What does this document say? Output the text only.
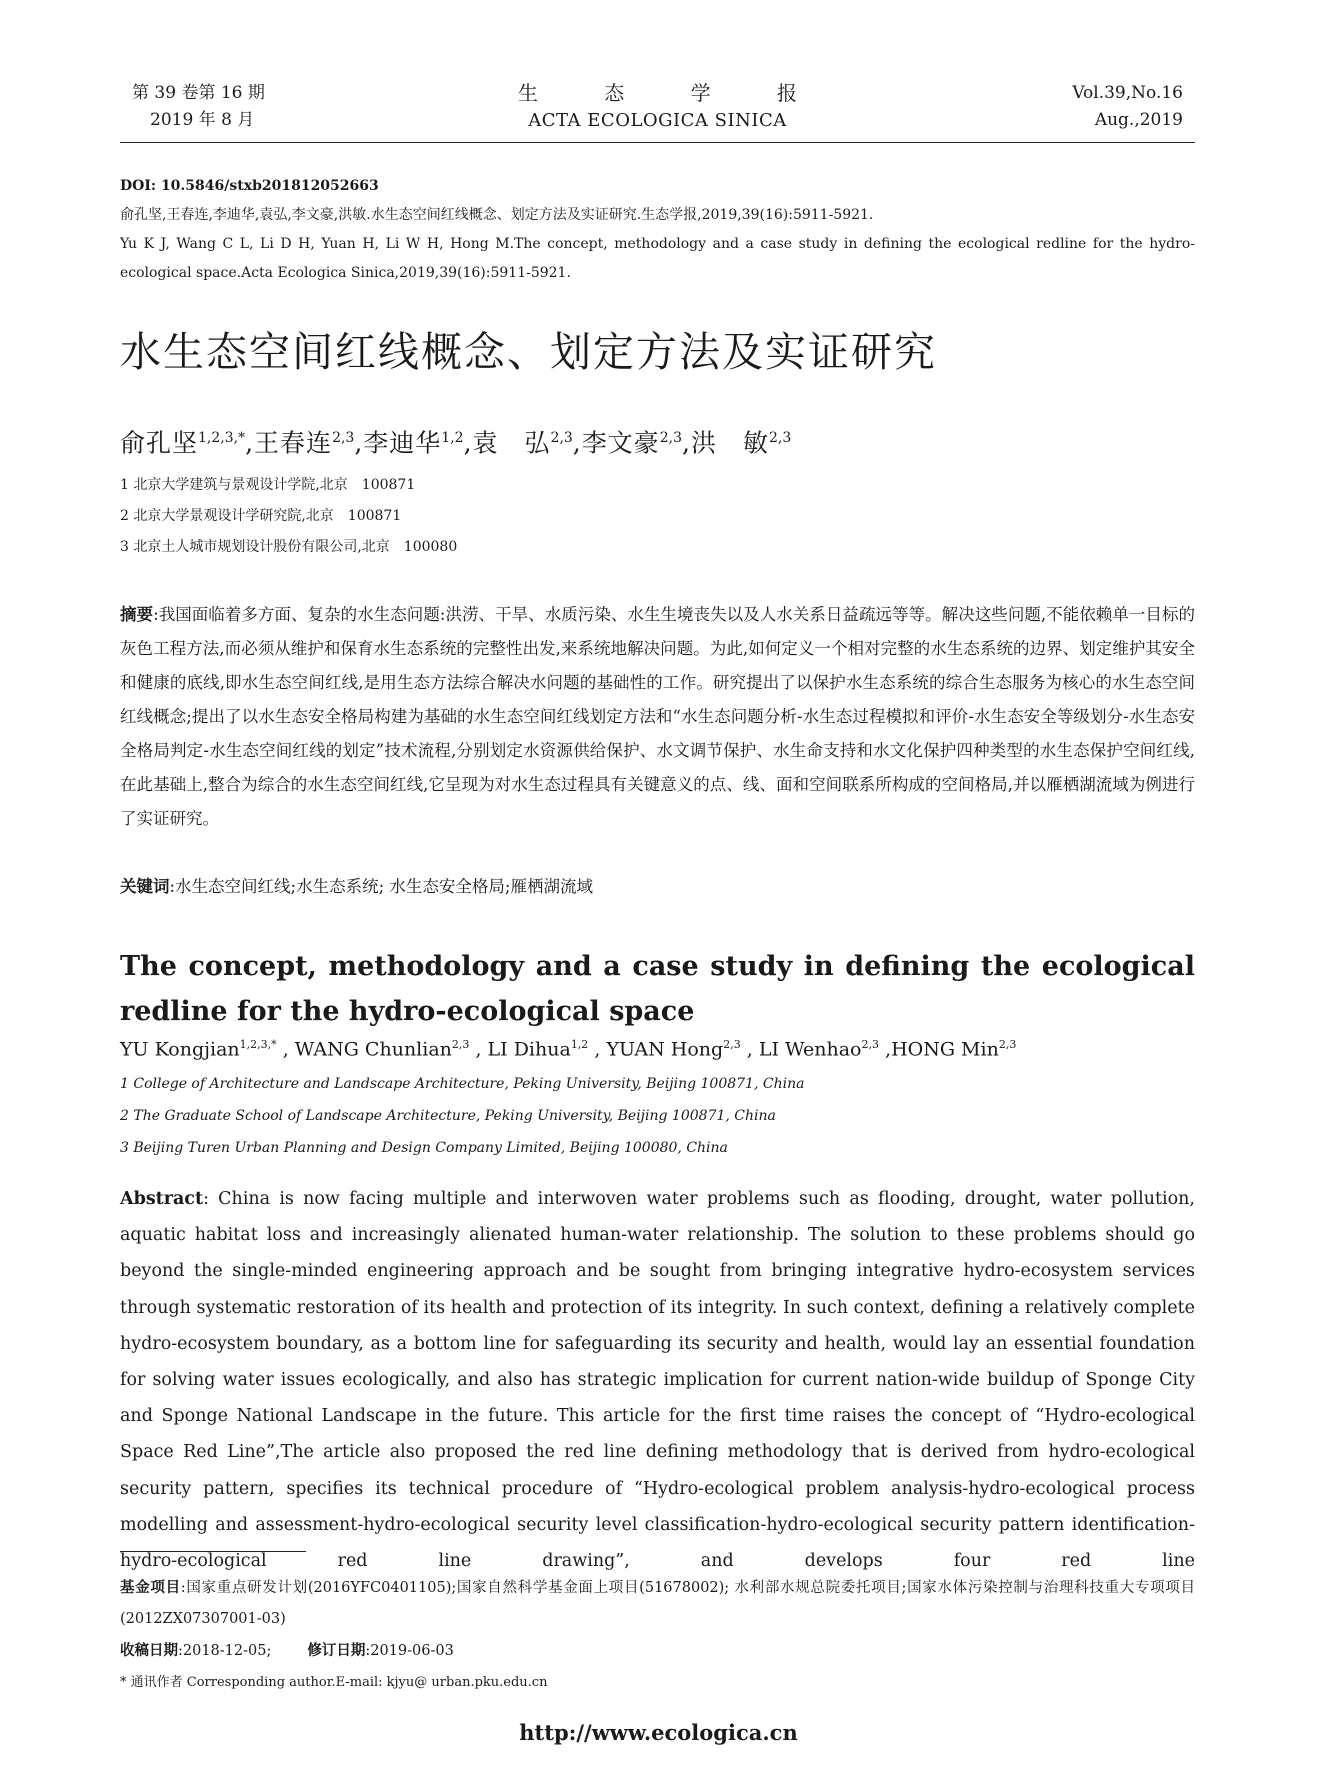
第 39 卷第 16 期
2019 年 8 月
生 态 学 报
ACTA ECOLOGICA SINICA
Vol.39,No.16
Aug.,2019

DOI: 10.5846/stxb201812052663

俞孔坚,王春连,李迪华,袁弘,李文豪,洪敏.水生态空间红线概念、划定方法及实证研究.生态学报,2019,39(16):5911-5921.

Yu K J, Wang C L, Li D H, Yuan H, Li W H, Hong M.The concept, methodology and a case study in defining the ecological redline for the hydro-ecological space.Acta Ecologica Sinica,2019,39(16):5911-5921.

水生态空间红线概念、划定方法及实证研究
俞孔坚$^{1,2,3,*}$,王春连$^{2,3}$,李迪华$^{1,2}$,袁　弘$^{2,3}$,李文豪$^{2,3}$,洪　敏$^{2,3}$
1 北京大学建筑与景观设计学院,北京　100871
2 北京大学景观设计学研究院,北京　100871
3 北京土人城市规划设计股份有限公司,北京　100080
摘要:我国面临着多方面、复杂的水生态问题:洪涝、干旱、水质污染、水生生境丧失以及人水关系日益疏远等等。解决这些问题,不能依赖单一目标的灰色工程方法,而必须从维护和保育水生态系统的完整性出发,来系统地解决问题。为此,如何定义一个相对完整的水生态系统的边界、划定维护其安全和健康的底线,即水生态空间红线,是用生态方法综合解决水问题的基础性的工作。研究提出了以保护水生态系统的综合生态服务为核心的水生态空间红线概念;提出了以水生态安全格局构建为基础的水生态空间红线划定方法和“水生态问题分析-水生态过程模拟和评价-水生态安全等级划分-水生态安全格局判定-水生态空间红线的划定”技术流程,分别划定水资源供给保护、水文调节保护、水生命支持和水文化保护四种类型的水生态保护空间红线,在此基础上,整合为综合的水生态空间红线,它呈现为对水生态过程具有关键意义的点、线、面和空间联系所构成的空间格局,并以雁栖湖流域为例进行了实证研究。
关键词:水生态空间红线;水生态系统; 水生态安全格局;雁栖湖流域
The concept, methodology and a case study in defining the ecological redline for the hydro-ecological space
YU Kongjian$^{1,2,3,*}$ , WANG Chunlian$^{2,3}$ , LI Dihua$^{1,2}$ , YUAN Hong$^{2,3}$ , LI Wenhao$^{2,3}$ ,HONG Min$^{2,3}$
1 College of Architecture and Landscape Architecture, Peking University, Beijing 100871, China
2 The Graduate School of Landscape Architecture, Peking University, Beijing 100871, China
3 Beijing Turen Urban Planning and Design Company Limited, Beijing 100080, China
Abstract: China is now facing multiple and interwoven water problems such as flooding, drought, water pollution, aquatic habitat loss and increasingly alienated human-water relationship. The solution to these problems should go beyond the single-minded engineering approach and be sought from bringing integrative hydro-ecosystem services through systematic restoration of its health and protection of its integrity. In such context, defining a relatively complete hydro-ecosystem boundary, as a bottom line for safeguarding its security and health, would lay an essential foundation for solving water issues ecologically, and also has strategic implication for current nation-wide buildup of Sponge City and Sponge National Landscape in the future. This article for the first time raises the concept of “Hydro-ecological Space Red Line”,The article also proposed the red line defining methodology that is derived from hydro-ecological security pattern, specifies its technical procedure of “Hydro-ecological problem analysis-hydro-ecological process modelling and assessment-hydro-ecological security level classification-hydro-ecological security pattern identification-hydro-ecological red line drawing”, and develops four red line

基金项目:国家重点研发计划(2016YFC0401105);国家自然科学基金面上项目(51678002); 水利部水规总院委托项目;国家水体污染控制与治理科技重大专项项目(2012ZX07307001-03)

收稿日期:2018-12-05; 修订日期:2019-06-03

* 通讯作者 Corresponding author.E-mail: kjyu@ urban.pku.edu.cn

http://www.ecologica.cn
